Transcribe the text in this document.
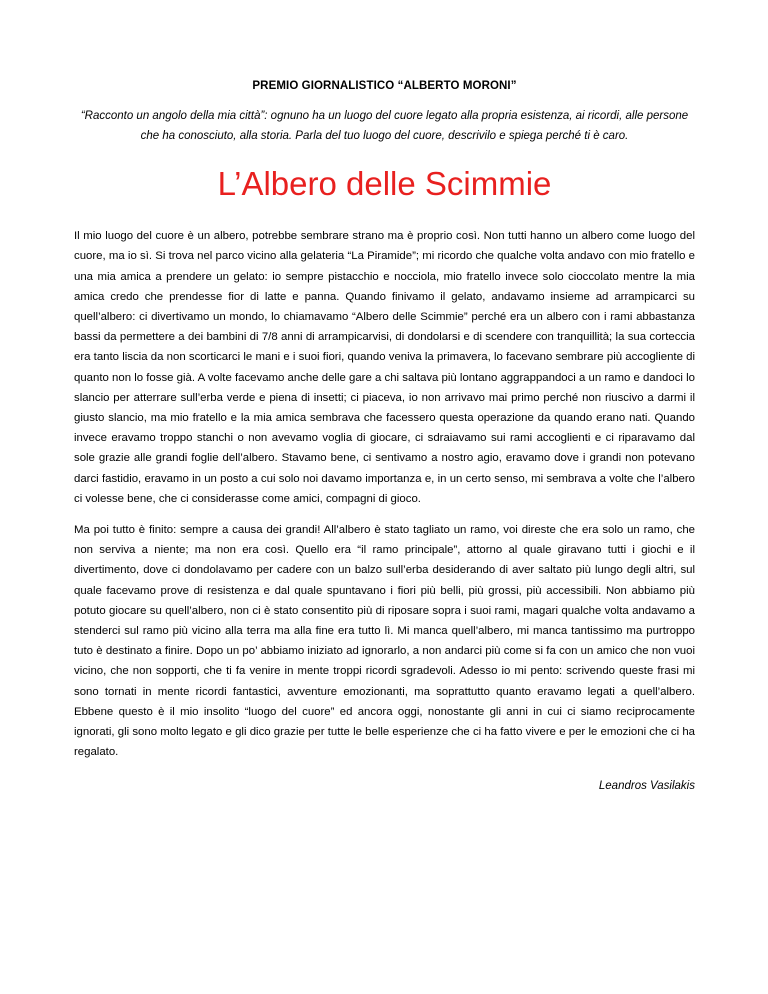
PREMIO GIORNALISTICO “ALBERTO MORONI”
“Racconto un angolo della mia città”: ognuno ha un luogo del cuore legato alla propria esistenza, ai ricordi, alle persone che ha conosciuto, alla storia. Parla del tuo luogo del cuore, descrivilo e spiega perché ti è caro.
L’Albero delle Scimmie

Il mio luogo del cuore è un albero, potrebbe sembrare strano ma è proprio così. Non tutti hanno un albero come luogo del cuore, ma io sì. Si trova nel parco vicino alla gelateria “La Piramide”; mi ricordo che qualche volta andavo con mio fratello e una mia amica a prendere un gelato: io sempre pistacchio e nocciola, mio fratello invece solo cioccolato mentre la mia amica credo che prendesse fior di latte e panna. Quando finivamo il gelato, andavamo insieme ad arrampicarci su quell’albero: ci divertivamo un mondo, lo chiamavamo “Albero delle Scimmie” perché era un albero con i rami abbastanza bassi da permettere a dei bambini di 7/8 anni di arrampicarvisi, di dondolarsi e di scendere con tranquillità; la sua corteccia era tanto liscia da non scorticarci le mani e i suoi fiori, quando veniva la primavera, lo facevano sembrare più accogliente di quanto non lo fosse già. A volte facevamo anche delle gare a chi saltava più lontano aggrappandoci a un ramo e dandoci lo slancio per atterrare sull’erba verde e piena di insetti; ci piaceva, io non arrivavo mai primo perché non riuscivo a darmi il giusto slancio, ma mio fratello e la mia amica sembrava che facessero questa operazione da quando erano nati. Quando invece eravamo troppo stanchi o non avevamo voglia di giocare, ci sdraiavamo sui rami accoglienti e ci riparavamo dal sole grazie alle grandi foglie dell’albero. Stavamo bene, ci sentivamo a nostro agio, eravamo dove i grandi non potevano darci fastidio, eravamo in un posto a cui solo noi davamo importanza e, in un certo senso, mi sembrava a volte che l’albero ci volesse bene, che ci considerasse come amici, compagni di gioco.

Ma poi tutto è finito: sempre a causa dei grandi! All’albero è stato tagliato un ramo, voi direste che era solo un ramo, che non serviva a niente; ma non era così. Quello era “il ramo principale”, attorno al quale giravano tutti i giochi e il divertimento, dove ci dondolavamo per cadere con un balzo sull’erba desiderando di aver saltato più lungo degli altri, sul quale facevamo prove di resistenza e dal quale spuntavano i fiori più belli, più grossi, più accessibili. Non abbiamo più potuto giocare su quell’albero, non ci è stato consentito più di riposare sopra i suoi rami, magari qualche volta andavamo a stenderci sul ramo più vicino alla terra ma alla fine era tutto lì. Mi manca quell’albero, mi manca tantissimo ma purtroppo tuto è destinato a finire. Dopo un po’ abbiamo iniziato ad ignorarlo, a non andarci più come si fa con un amico che non vuoi vicino, che non sopporti, che ti fa venire in mente troppi ricordi sgradevoli. Adesso io mi pento: scrivendo queste frasi mi sono tornati in mente ricordi fantastici, avventure emozionanti, ma soprattutto quanto eravamo legati a quell’albero. Ebbene questo è il mio insolito “luogo del cuore” ed ancora oggi, nonostante gli anni in cui ci siamo reciprocamente ignorati, gli sono molto legato e gli dico grazie per tutte le belle esperienze che ci ha fatto vivere e per le emozioni che ci ha regalato.

Leandros Vasilakis
